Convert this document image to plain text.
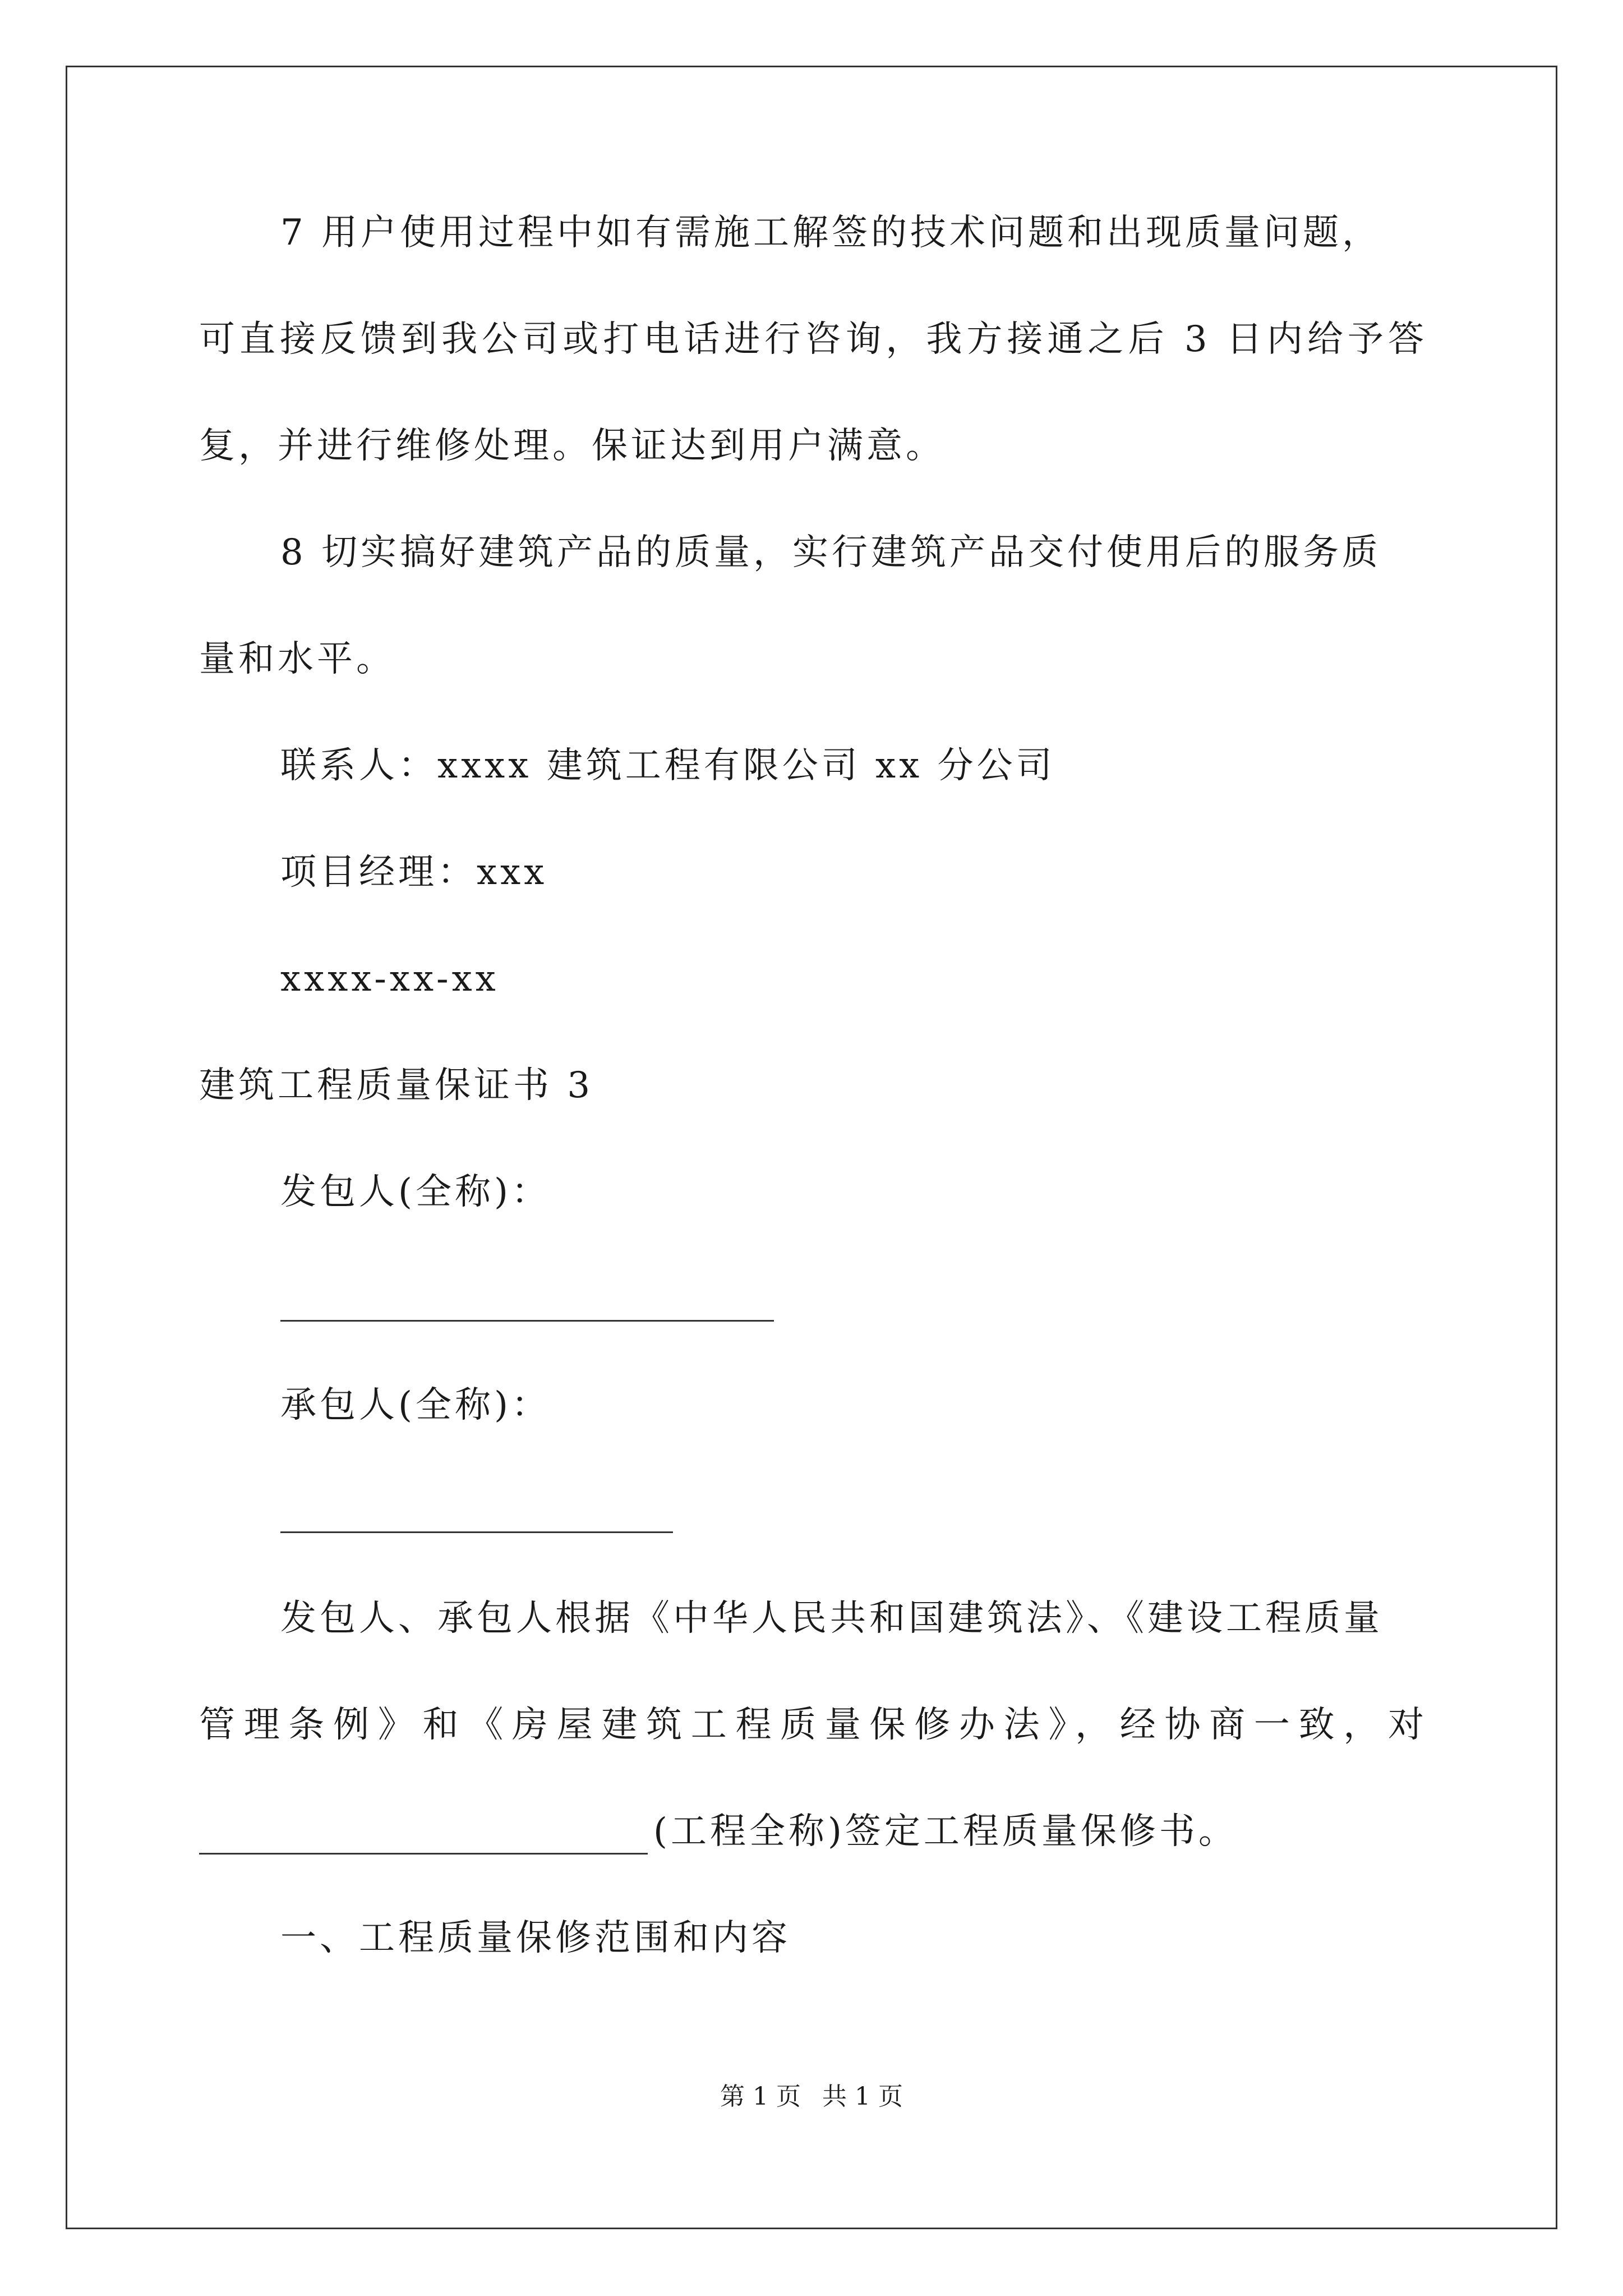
7 用户使用过程中如有需施工解签的技术问题和出现质量问题，
可直接反馈到我公司或打电话进行咨询，我方接通之后 3 日内给予答
复，并进行维修处理。保证达到用户满意。
8 切实搞好建筑产品的质量，实行建筑产品交付使用后的服务质
量和水平。
联系人：xxxx 建筑工程有限公司 xx 分公司
项目经理：xxx
xxxx-xx-xx
建筑工程质量保证书 3
发包人(全称)：
承包人(全称)：
发包人、承包人根据《中华人民共和国建筑法》、《建设工程质量
管理条例》和《房屋建筑工程质量保修办法》，经协商一致，对
(工程全称)签定工程质量保修书。
一、工程质量保修范围和内容
第 1 页 共 1 页
